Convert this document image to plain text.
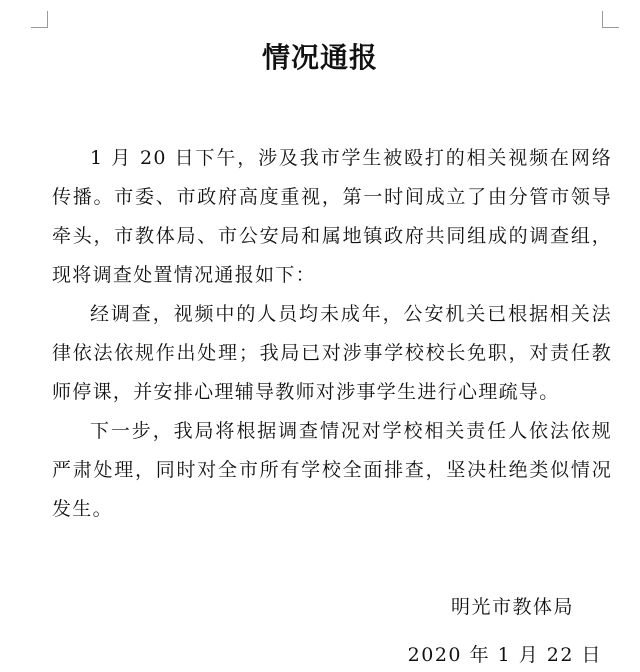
情况通报

1 月 20 日下午，涉及我市学生被殴打的相关视频在网络传播。市委、市政府高度重视，第一时间成立了由分管市领导牵头，市教体局、市公安局和属地镇政府共同组成的调查组，现将调查处置情况通报如下：

经调查，视频中的人员均未成年，公安机关已根据相关法律依法依规作出处理；我局已对涉事学校校长免职，对责任教师停课，并安排心理辅导教师对涉事学生进行心理疏导。

下一步，我局将根据调查情况对学校相关责任人依法依规严肃处理，同时对全市所有学校全面排查，坚决杜绝类似情况发生。

明光市教体局
2020 年 1 月 22 日
